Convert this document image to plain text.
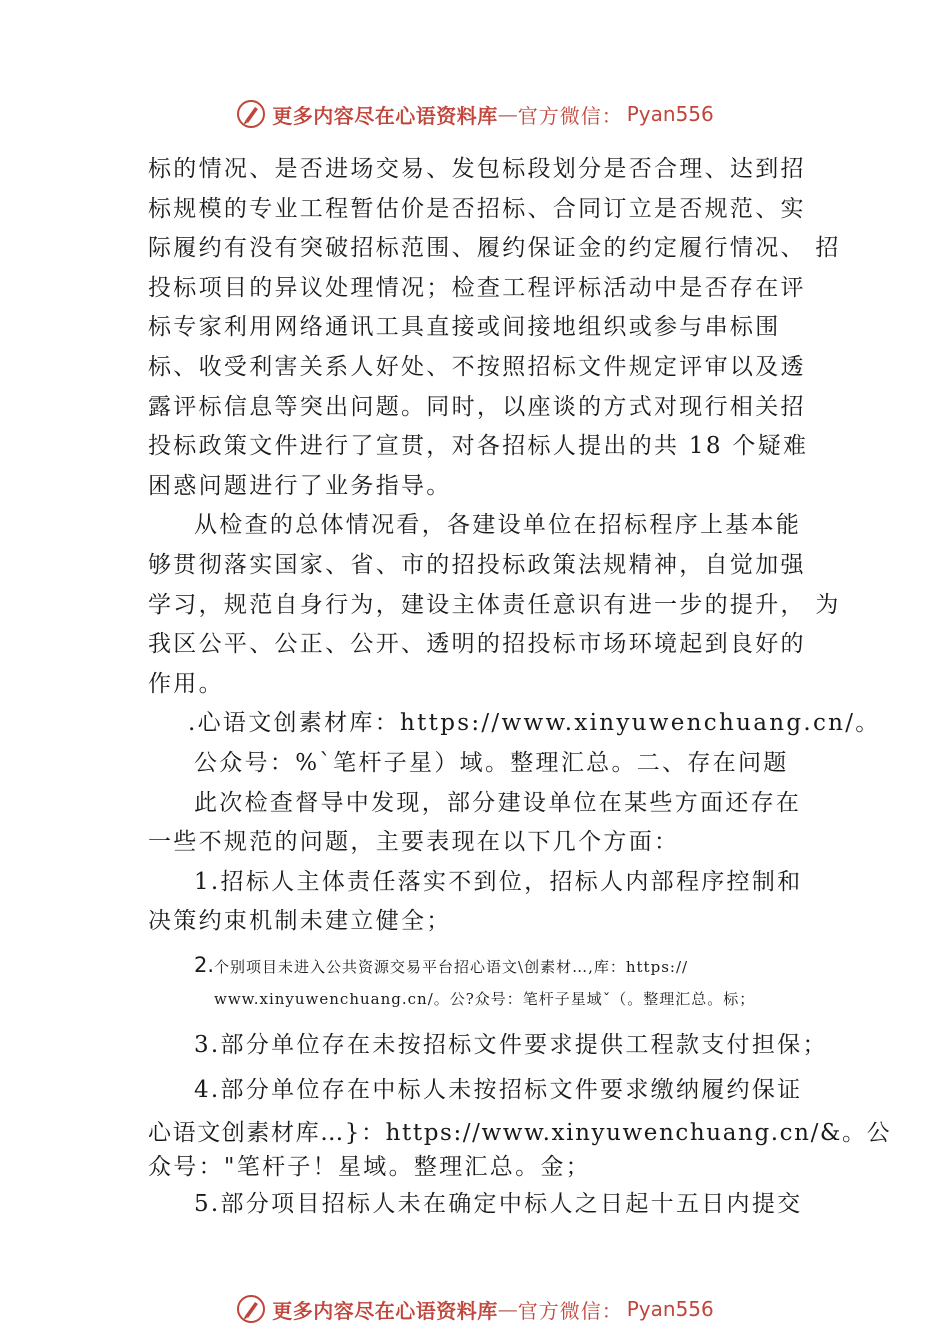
更多内容尽在心语资料库 — 官方微信： Pyan556
标的情况、是否进场交易、发包标段划分是否合理、达到招
标规模的专业工程暂估价是否招标、合同订立是否规范、实
际履约有没有突破招标范围、履约保证金的约定履行情况、 招
投标项目的异议处理情况；检查工程评标活动中是否存在评
标专家利用网络通讯工具直接或间接地组织或参与串标围
标、收受利害关系人好处、不按照招标文件规定评审以及透
露评标信息等突出问题。同时，以座谈的方式对现行相关招
投标政策文件进行了宣贯，对各招标人提出的共 18 个疑难
困惑问题进行了业务指导。
从检查的总体情况看，各建设单位在招标程序上基本能
够贯彻落实国家、省、市的招投标政策法规精神，自觉加强
学习，规范自身行为，建设主体责任意识有进一步的提升， 为
我区公平、公正、公开、透明的招投标市场环境起到良好的
作用。
.心语文创素材库：https://www.xinyuwenchuang.cn/。
公众号：%`笔杆子星）域。整理汇总。二、存在问题
此次检查督导中发现，部分建设单位在某些方面还存在
一些不规范的问题，主要表现在以下几个方面：
1.招标人主体责任落实不到位，招标人内部程序控制和
决策约束机制未建立健全；
2.个别项目未进入公共资源交易平台招心语文\创素材…,库：https://
www.xinyuwenchuang.cn/。公?众号：笔杆子星域ˇ（。整理汇总。标；
3.部分单位存在未按招标文件要求提供工程款支付担保；
4.部分单位存在中标人未按招标文件要求缴纳履约保证
心语文创素材库…}：https://www.xinyuwenchuang.cn/&。公
众号："笔杆子！星域。整理汇总。金；
5.部分项目招标人未在确定中标人之日起十五日内提交
更多内容尽在心语资料库 — 官方微信： Pyan556
